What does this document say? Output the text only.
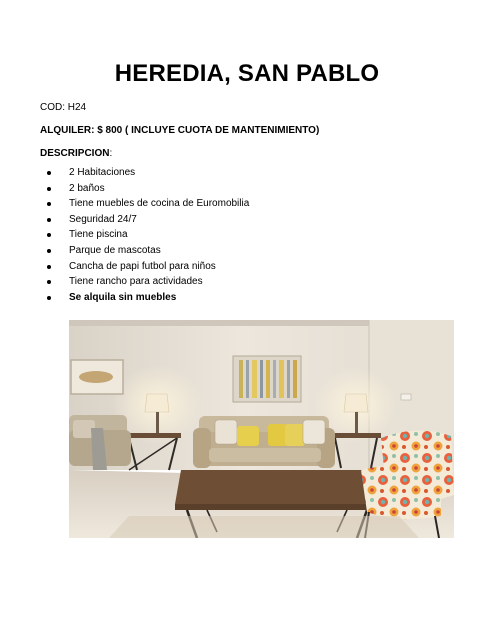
HEREDIA, SAN PABLO
COD: H24
ALQUILER: $ 800 ( INCLUYE CUOTA DE MANTENIMIENTO)
DESCRIPCION:
2 Habitaciones
2 baños
Tiene muebles de cocina de Euromobilia
Seguridad 24/7
Tiene piscina
Parque de mascotas
Cancha de papi futbol para niños
Tiene rancho para actividades
Se alquila sin muebles
